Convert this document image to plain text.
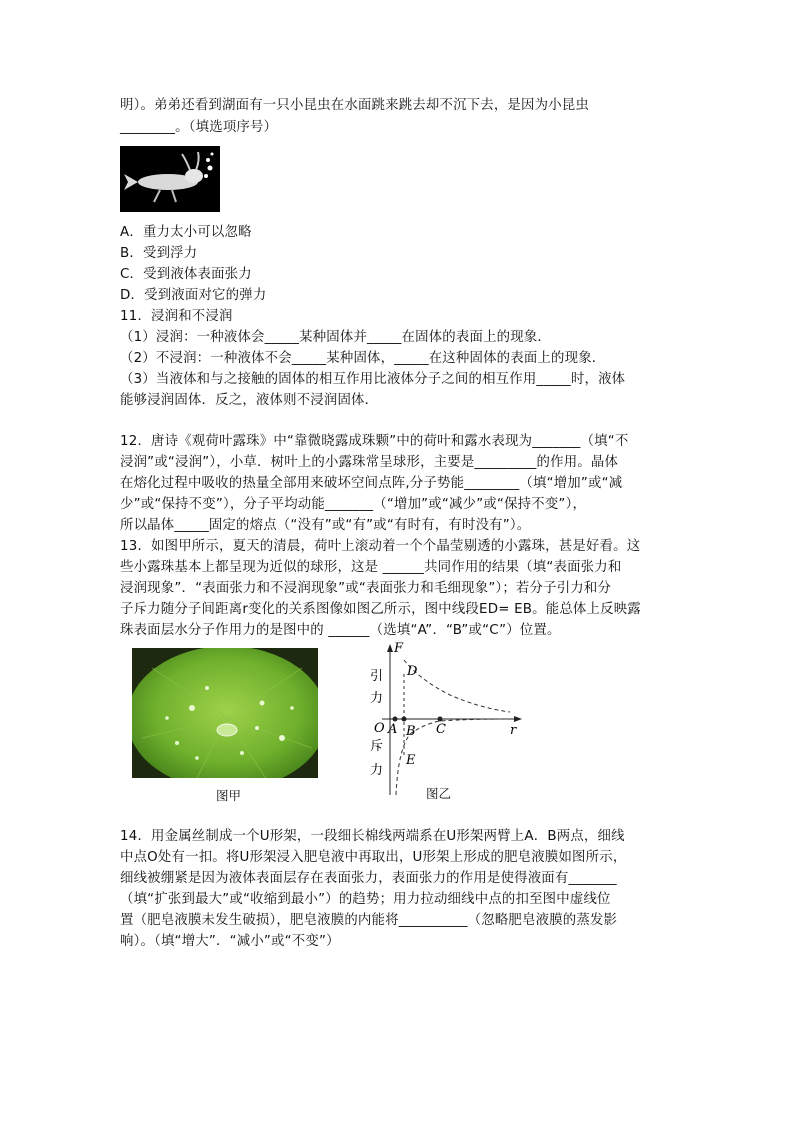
明）。弟弟还看到湖面有一只小昆虫在水面跳来跳去却不沉下去，是因为小昆虫
________。（填选项序号）
A．重力太小可以忽略
B．受到浮力
C．受到液体表面张力
D．受到液面对它的弹力
11．浸润和不浸润
（1）浸润：一种液体会_____某种固体并_____在固体的表面上的现象．
（2）不浸润：一种液体不会_____某种固体，_____在这种固体的表面上的现象．
（3）当液体和与之接触的固体的相互作用比液体分子之间的相互作用_____时，液体
能够浸润固体．反之，液体则不浸润固体．
12．唐诗《观荷叶露珠》中“靠微晓露成珠颗”中的荷叶和露水表现为_______（填“不
浸润”或“浸润”），小草．树叶上的小露珠常呈球形，主要是_________的作用。晶体
在熔化过程中吸收的热量全部用来破坏空间点阵,分子势能________（填“增加”或“减
少”或“保持不变”），分子平均动能_______（“增加”或“减少”或“保持不变”），
所以晶体_____固定的熔点（“没有”或“有”或“有时有，有时没有”）。
13．如图甲所示，夏天的清晨，荷叶上滚动着一个个晶莹剔透的小露珠，甚是好看。这
些小露珠基本上都呈现为近似的球形，这是 ______共同作用的结果（填“表面张力和
浸润现象”．“表面张力和不浸润现象”或“表面张力和毛细现象”）；若分子引力和分
子斥力随分子间距离r变化的关系图像如图乙所示，图中线段ED= EB。能总体上反映露
珠表面层水分子作用力的是图中的 ______（选填“A”．“B”或“C”）位置。
图甲
F
引
力
斥
力
O A B C
D
E
r
图乙
14．用金属丝制成一个U形架，一段细长棉线两端系在U形架两臂上A．B两点，细线
中点O处有一扣。将U形架浸入肥皂液中再取出，U形架上形成的肥皂液膜如图所示，
细线被绷紧是因为液体表面层存在表面张力，表面张力的作用是使得液面有_______
（填“扩张到最大”或“收缩到最小”）的趋势；用力拉动细线中点的扣至图中虚线位
置（肥皂液膜未发生破损），肥皂液膜的内能将__________（忽略肥皂液膜的蒸发影
响）。（填“增大”．“减小”或“不变”）
